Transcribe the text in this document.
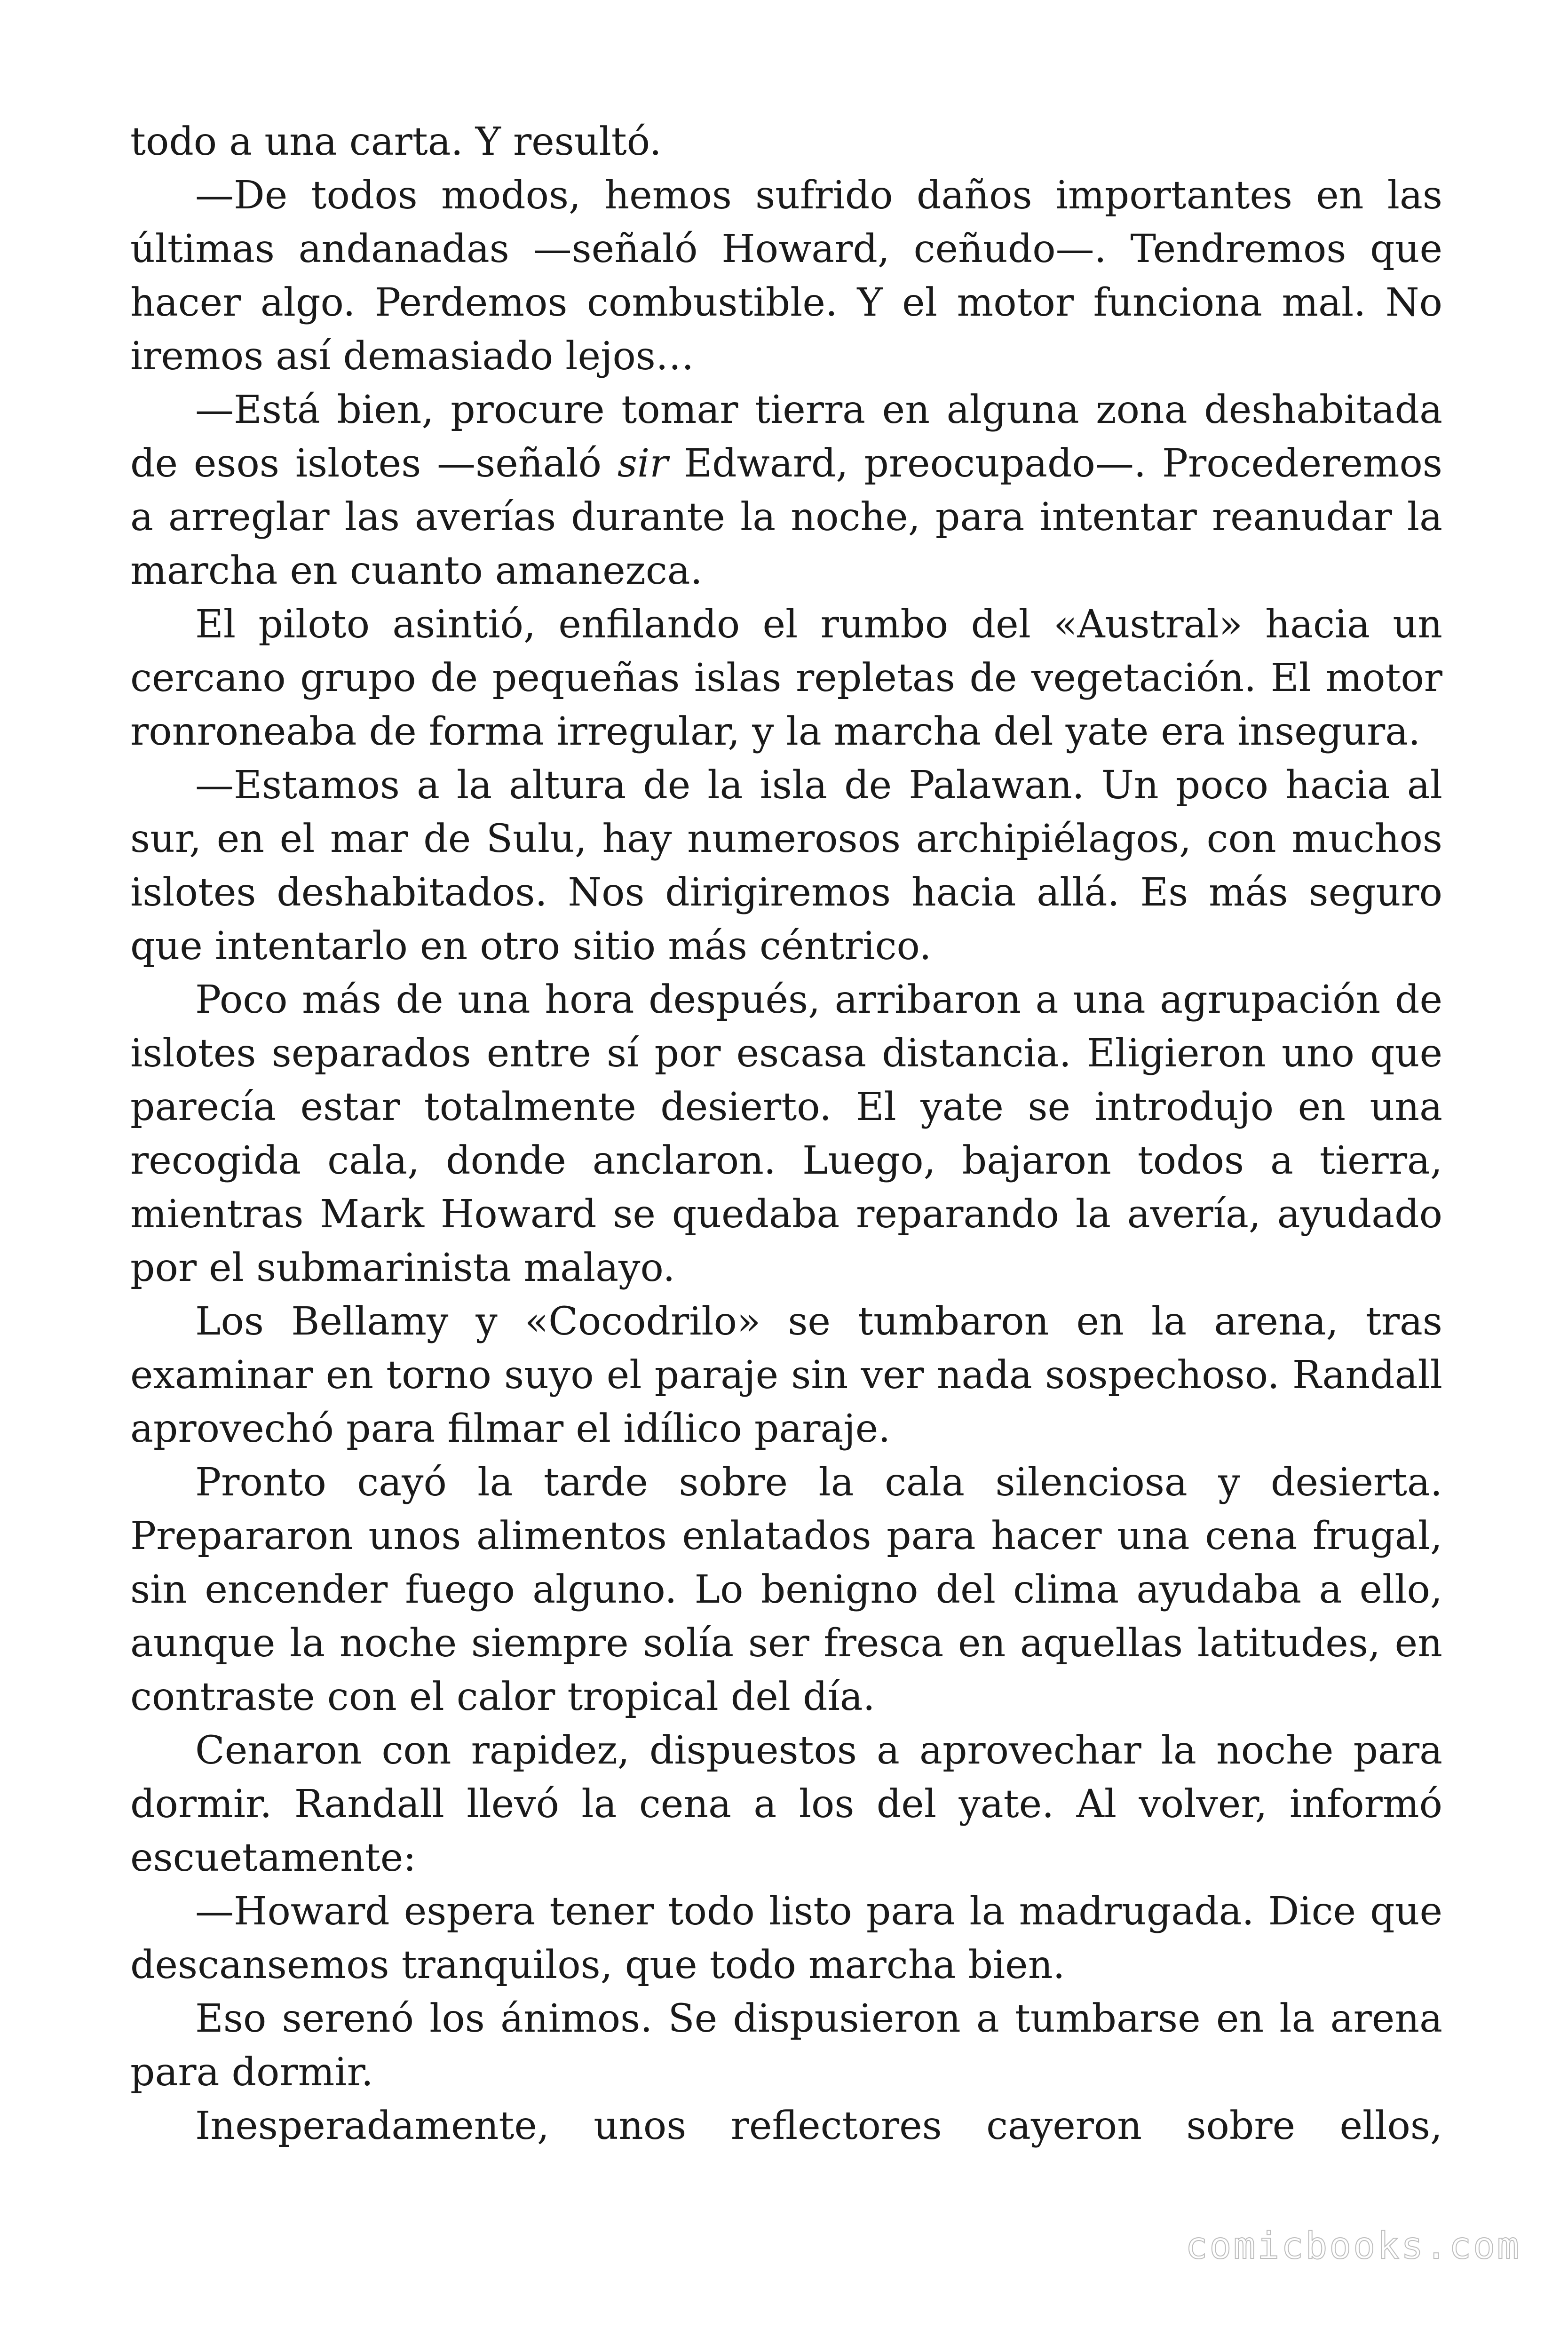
todo a una carta. Y resultó.

—De todos modos, hemos sufrido daños importantes en las últimas andanadas —señaló Howard, ceñudo—. Tendremos que hacer algo. Perdemos combustible. Y el motor funciona mal. No iremos así demasiado lejos…

—Está bien, procure tomar tierra en alguna zona deshabitada de esos islotes —señaló sir Edward, preocupado—. Procederemos a arreglar las averías durante la noche, para intentar reanudar la marcha en cuanto amanezca.

El piloto asintió, enfilando el rumbo del «Austral» hacia un cercano grupo de pequeñas islas repletas de vegetación. El motor ronroneaba de forma irregular, y la marcha del yate era insegura.

—Estamos a la altura de la isla de Palawan. Un poco hacia al sur, en el mar de Sulu, hay numerosos archipiélagos, con muchos islotes deshabitados. Nos dirigiremos hacia allá. Es más seguro que intentarlo en otro sitio más céntrico.

Poco más de una hora después, arribaron a una agrupación de islotes separados entre sí por escasa distancia. Eligieron uno que parecía estar totalmente desierto. El yate se introdujo en una recogida cala, donde anclaron. Luego, bajaron todos a tierra, mientras Mark Howard se quedaba reparando la avería, ayudado por el submarinista malayo.

Los Bellamy y «Cocodrilo» se tumbaron en la arena, tras examinar en torno suyo el paraje sin ver nada sospechoso. Randall aprovechó para filmar el idílico paraje.

Pronto cayó la tarde sobre la cala silenciosa y desierta. Prepararon unos alimentos enlatados para hacer una cena frugal, sin encender fuego alguno. Lo benigno del clima ayudaba a ello, aunque la noche siempre solía ser fresca en aquellas latitudes, en contraste con el calor tropical del día.

Cenaron con rapidez, dispuestos a aprovechar la noche para dormir. Randall llevó la cena a los del yate. Al volver, informó escuetamente:

—Howard espera tener todo listo para la madrugada. Dice que descansemos tranquilos, que todo marcha bien.

Eso serenó los ánimos. Se dispusieron a tumbarse en la arena para dormir.

Inesperadamente, unos reflectores cayeron sobre ellos,

comicbooks.com
